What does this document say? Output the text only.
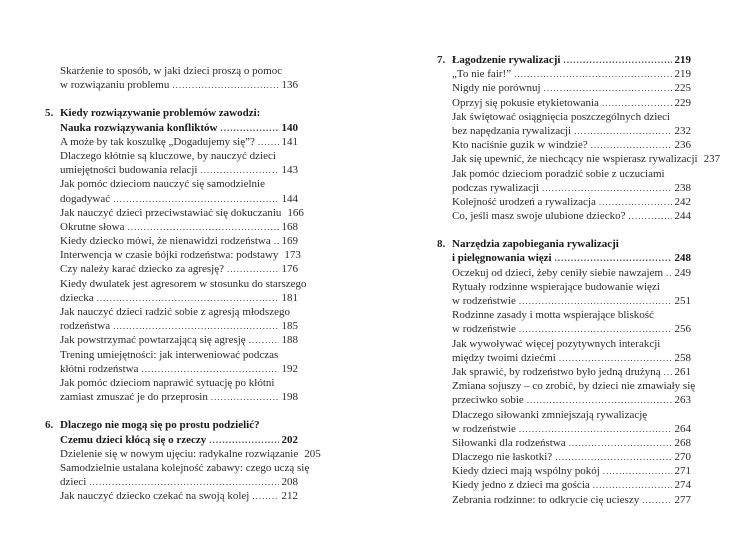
Skarżenie to sposób, w jaki dzieci proszą o pomoc
w rozwiązaniu problemu .....	136
5. Kiedy rozwiązywanie problemów zawodzi:
Nauka rozwiązywania konfliktów .....	140
A może by tak koszulkę „Dogadujemy się”? ..... 141
Dlaczego kłótnie są kluczowe, by nauczyć dzieci
umiejętności budowania relacji .....	143
Jak pomóc dzieciom nauczyć się samodzielnie
dogadywać .....	144
Jak nauczyć dzieci przeciwstawiać się dokuczaniu 166
Okrutne słowa .....	168
Kiedy dziecko mówi, że nienawidzi rodzeństwa ..... 169
Interwencja w czasie bójki rodzeństwa: podstawy 173
Czy należy karać dziecko za agresję? .....	176
Kiedy dwulatek jest agresorem w stosunku do starszego
dziecka .....	181
Jak nauczyć dzieci radzić sobie z agresją młodszego
rodzeństwa .....	185
Jak powstrzymać powtarzającą się agresję .....	188
Trening umiejętności: jak interweniować podczas
kłótni rodzeństwa .....	192
Jak pomóc dzieciom naprawić sytuację po kłótni
zamiast zmuszać je do przeprosin .....	198
6. Dlaczego nie mogą się po prostu podzielić?
Czemu dzieci kłócą się o rzeczy .....	202
Dzielenie się w nowym ujęciu: radykalne rozwiązanie 205
Samodzielnie ustalana kolejność zabawy: czego uczą się
dzieci .....	208
Jak nauczyć dziecko czekać na swoją kolej .....	212
7. Łagodzenie rywalizacji .....	219
„To nie fair!” .....	219
Nigdy nie porównuj .....	225
Oprzyj się pokusie etykietowania .....	229
Jak świętować osiągnięcia poszczególnych dzieci
bez napędzania rywalizacji .....	232
Kto naciśnie guzik w windzie? .....	236
Jak się upewnić, że niechcący nie wspierasz rywalizacji 237
Jak pomóc dzieciom poradzić sobie z uczuciami
podczas rywalizacji .....	238
Kolejność urodzeń a rywalizacja .....	242
Co, jeśli masz swoje ulubione dziecko? .....	244
8. Narzędzia zapobiegania rywalizacji
i pielęgnowania więzi .....	248
Oczekuj od dzieci, żeby ceniły siebie nawzajem ..... 249
Rytuały rodzinne wspierające budowanie więzi
w rodzeństwie .....	251
Rodzinne zasady i motta wspierające bliskość
w rodzeństwie .....	256
Jak wywoływać więcej pozytywnych interakcji
między twoimi dziećmi .....	258
Jak sprawić, by rodzeństwo było jedną drużyną ..... 261
Zmiana sojuszy – co zrobić, by dzieci nie zmawiały się
przeciwko sobie .....	263
Dlaczego siłowanki zmniejszają rywalizację
w rodzeństwie .....	264
Siłowanki dla rodzeństwa .....	268
Dlaczego nie łaskotki? .....	270
Kiedy dzieci mają wspólny pokój .....	271
Kiedy jedno z dzieci ma gościa .....	274
Zebrania rodzinne: to odkrycie cię ucieszy .....	277
